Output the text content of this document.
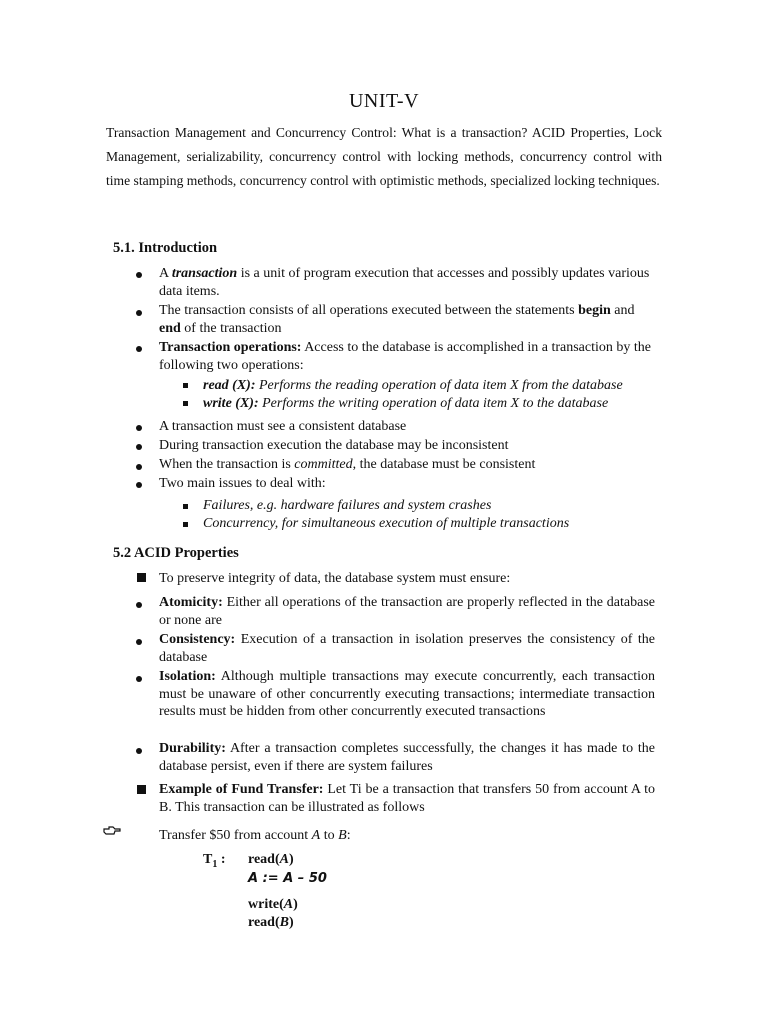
UNIT-V
Transaction Management and Concurrency Control: What is a transaction? ACID Properties, Lock Management, serializability, concurrency control with locking methods, concurrency control with time stamping methods, concurrency control with optimistic methods, specialized locking techniques.
5.1. Introduction
A transaction is a unit of program execution that accesses and possibly updates various data items.
The transaction consists of all operations executed between the statements begin and end of the transaction
Transaction operations: Access to the database is accomplished in a transaction by the following two operations:
read (X): Performs the reading operation of data item X from the database
write (X): Performs the writing operation of data item X to the database
A transaction must see a consistent database
During transaction execution the database may be inconsistent
When the transaction is committed, the database must be consistent
Two main issues to deal with:
Failures, e.g. hardware failures and system crashes
Concurrency, for simultaneous execution of multiple transactions
5.2 ACID Properties
To preserve integrity of data, the database system must ensure:
Atomicity: Either all operations of the transaction are properly reflected in the database or none are
Consistency: Execution of a transaction in isolation preserves the consistency of the database
Isolation: Although multiple transactions may execute concurrently, each transaction must be unaware of other concurrently executing transactions; intermediate transaction results must be hidden from other concurrently executed transactions
Durability: After a transaction completes successfully, the changes it has made to the database persist, even if there are system failures
Example of Fund Transfer: Let Ti be a transaction that transfers 50 from account A to B. This transaction can be illustrated as follows
Transfer $50 from account A to B:
$T_1$ : read(A)
A := A – 50
write(A)
read(B)
